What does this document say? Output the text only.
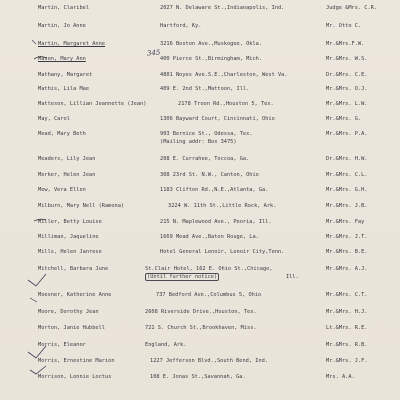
Martin, Claribel	2027 N. Delaware St.,Indianapolis, Ind.	Judge &Mrs. C.R.
Martin, Jo Anne	Hartford, Ky.	Mr. Otto C.
Martin, Margaret Anne	3216 Boston Ave.,Muskogee, Okla.	Mr.&Mrs.F.W.
345
Mason, Mary Ann	400 Pierce St.,Birmingham, Mich.	Mr.&Mrs. W.S.
Mathany, Margaret	4801 Noyes Ave.S.E.,Charleston, West Va.	Dr.&Mrs. C.E.
Mathis, Lila Mae	409 E. 2nd St.,Mattoon, Ill.	Mr.&Mrs. O.J.
Matteson, Lillian Jeannette (Jean)	2178 Troon Rd.,Houston 5, Tex.	Mr.&Mrs. L.W.
May, Carol	1306 Bayward Court, Cincinnati, Ohio	Mr.&Mrs. G.
Mead, Mary Beth	903 Bernice St., Odessa, Tex.	Mr.&Mrs. P.A.
(Mailing addr: Box 3475)
Meaders, Lily Jean	208 E. Currahee, Toccoa, Ga.	Dr.&Mrs. H.W.
Merker, Helen Jean	308 23rd St. N.W., Canton, Ohio	Mr.&Mrs. C.L.
Mew, Vera Ellen	1183 Clifton Rd.,N.E.,Atlanta, Ga.	Mr.&Mrs. G.H.
Milburn, Mary Nell (Ramona)	3224 W. 11th St.,Little Rock, Ark.	Mr.&Mrs. J.B.
Miller, Betty Louise	215 N. Maplewood Ave., Peoria, Ill.	Mr.&Mrs. Fay
Milliman, Jaqueline	1669 Mead Ave.,Baton Rouge, La.	Mr.&Mrs. J.T.
Mills, Helen Janrese	Hotel General Lenoir, Lenoir City,Tenn.	Mr.&Mrs. B.E.
Mitchell, Barbara June	St.Clair Hotel, 162 E. Ohio St.,Chicago,	Mr.&Mrs. A.J.
(Until further notice)	Ill.
Moesner, Katherine Anne	737 Bedford Ave.,Columbus 5, Ohio	Mr.&Mrs. C.T.
Moore, Dorothy Jean	2608 Riverside Drive.,Houston, Tex.	Mr.&Mrs. H.J.
Morton, Janie Hubbell	721 S. Church St.,Brookhaven, Miss.	Lt.&Mrs. R.E.
Morris, Eleanor	England, Ark.	Mr.&Mrs. R.B.
Morris, Ernestine Marion	1227 Jefferson Blvd.,South Bend, Ind.	Mr.&Mrs. J.F.
Morrison, Lonnie Loctus	108 E. Jonas St.,Savannah, Ga.	Mrs. A.A.
